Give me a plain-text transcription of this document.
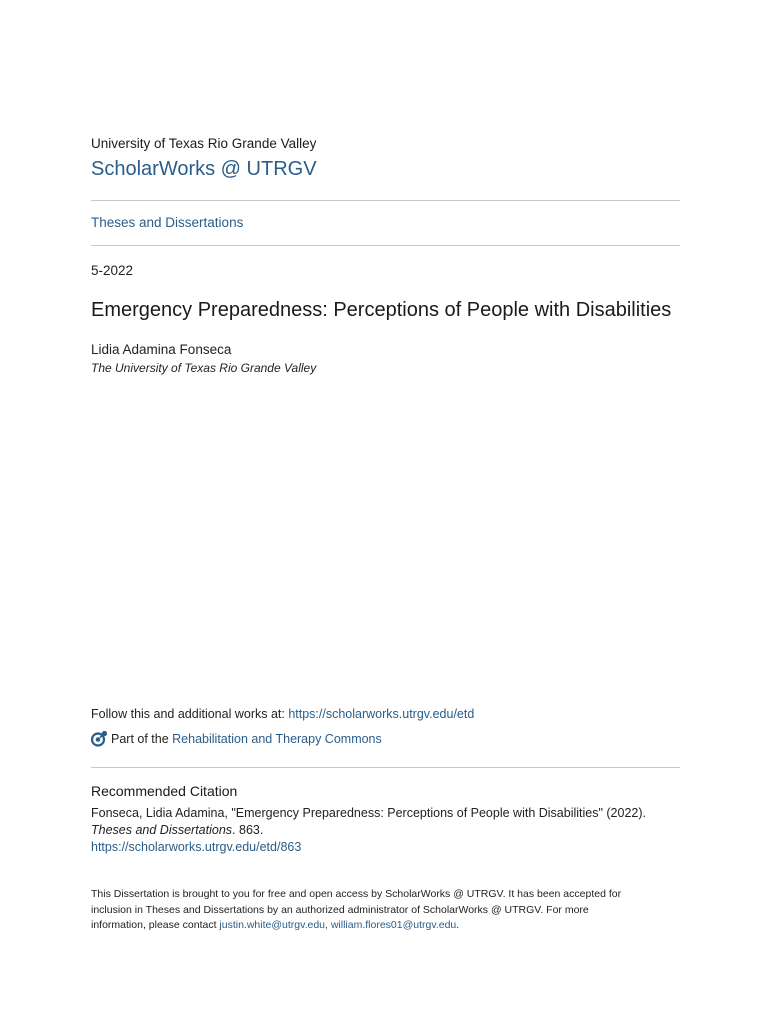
University of Texas Rio Grande Valley
ScholarWorks @ UTRGV
Theses and Dissertations
5-2022
Emergency Preparedness: Perceptions of People with Disabilities
Lidia Adamina Fonseca
The University of Texas Rio Grande Valley
Follow this and additional works at: https://scholarworks.utrgv.edu/etd
Part of the Rehabilitation and Therapy Commons
Recommended Citation
Fonseca, Lidia Adamina, "Emergency Preparedness: Perceptions of People with Disabilities" (2022).
Theses and Dissertations. 863.
https://scholarworks.utrgv.edu/etd/863
This Dissertation is brought to you for free and open access by ScholarWorks @ UTRGV. It has been accepted for
inclusion in Theses and Dissertations by an authorized administrator of ScholarWorks @ UTRGV. For more
information, please contact justin.white@utrgv.edu, william.flores01@utrgv.edu.
